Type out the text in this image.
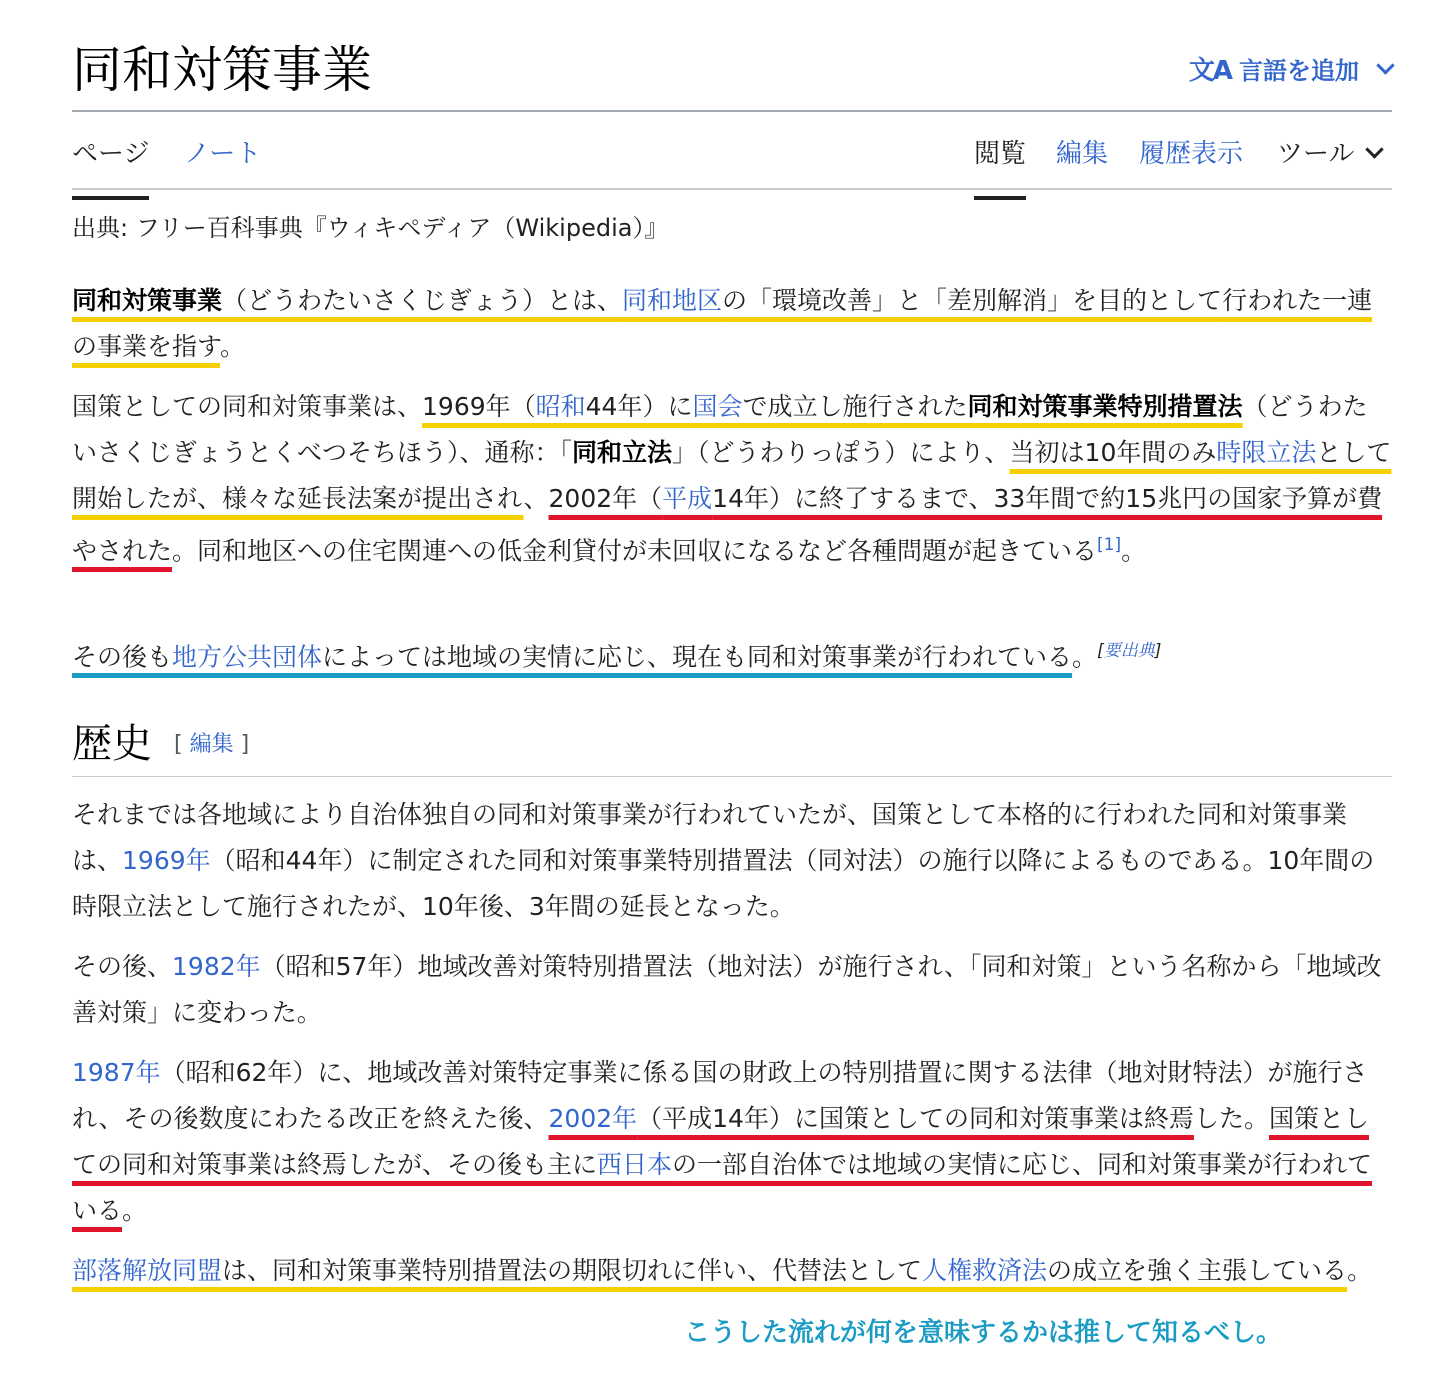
同和対策事業	文A 言語を追加
ページ ノート	閲覧 編集 履歴表示 ツール
出典: フリー百科事典『ウィキペディア（Wikipedia）』
同和対策事業（どうわたいさくじぎょう）とは、同和地区の「環境改善」と「差別解消」を目的として行われた一連の事業を指す。
国策としての同和対策事業は、1969年（昭和44年）に国会で成立し施行された同和対策事業特別措置法（どうわたいさくじぎょうとくべつそちほう）、通称：「同和立法」（どうわりっぽう）により、当初は10年間のみ時限立法として開始したが、様々な延長法案が提出され、2002年（平成14年）に終了するまで、33年間で約15兆円の国家予算が費やされた。同和地区への住宅関連への低金利貸付が未回収になるなど各種問題が起きている[1]。
その後も地方公共団体によっては地域の実情に応じ、現在も同和対策事業が行われている。[要出典]
歴史 [ 編集 ]
それまでは各地域により自治体独自の同和対策事業が行われていたが、国策として本格的に行われた同和対策事業は、1969年（昭和44年）に制定された同和対策事業特別措置法（同対法）の施行以降によるものである。10年間の時限立法として施行されたが、10年後、3年間の延長となった。
その後、1982年（昭和57年）地域改善対策特別措置法（地対法）が施行され、「同和対策」という名称から「地域改善対策」に変わった。
1987年（昭和62年）に、地域改善対策特定事業に係る国の財政上の特別措置に関する法律（地対財特法）が施行され、その後数度にわたる改正を終えた後、2002年（平成14年）に国策としての同和対策事業は終焉した。国策としての同和対策事業は終焉したが、その後も主に西日本の一部自治体では地域の実情に応じ、同和対策事業が行われている。
部落解放同盟は、同和対策事業特別措置法の期限切れに伴い、代替法として人権救済法の成立を強く主張している。
こうした流れが何を意味するかは推して知るべし。
